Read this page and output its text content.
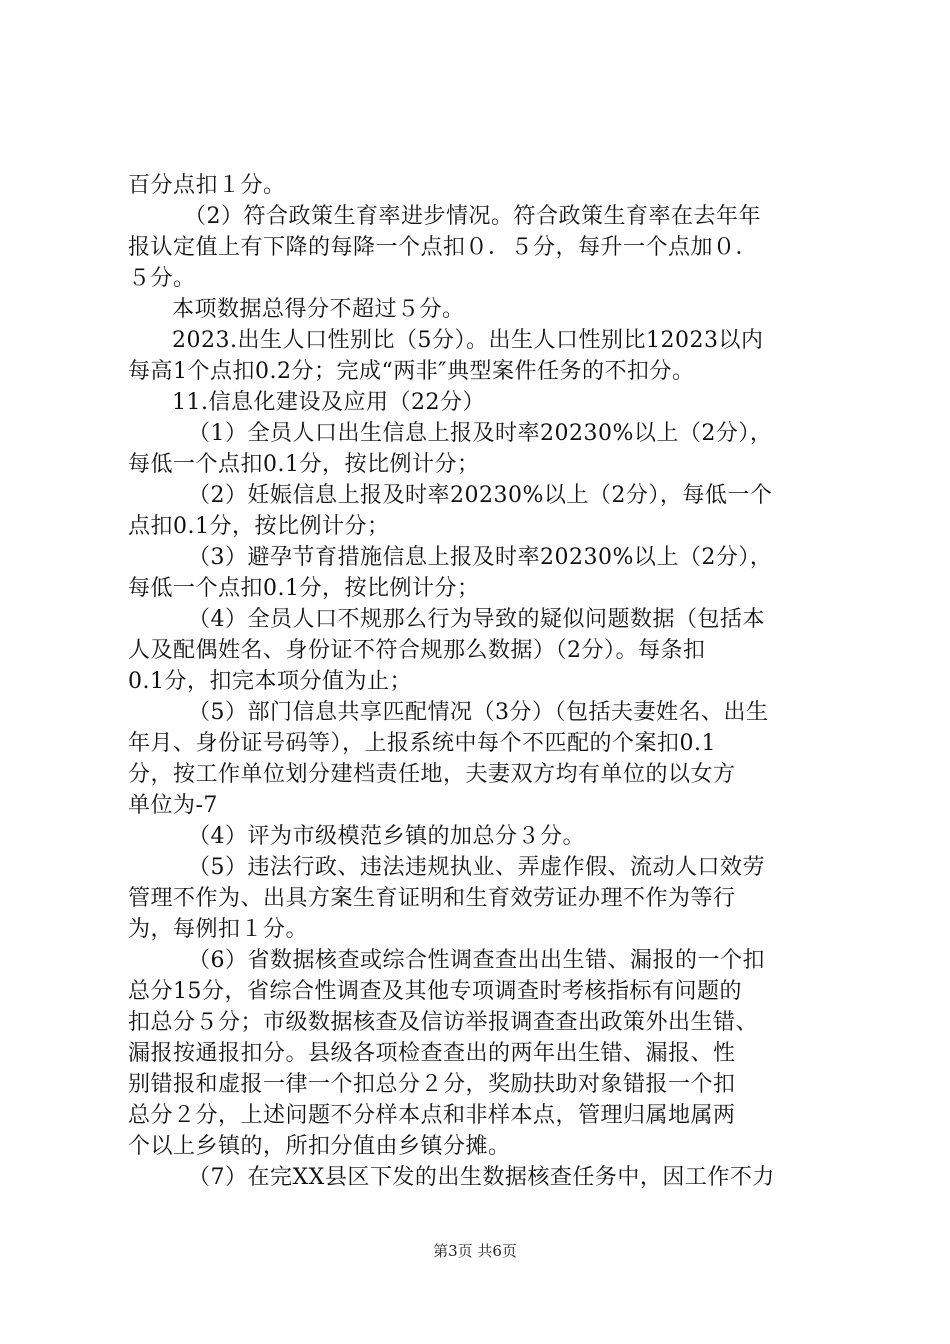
百分点扣１分。
（2）符合政策生育率进步情况。符合政策生育率在去年年
报认定值上有下降的每降一个点扣０．５分，每升一个点加０．
５分。
本项数据总得分不超过５分。
2023.出生人口性别比（5分）。出生人口性别比12023以内
每高1个点扣0.2分；完成“两非″典型案件任务的不扣分。
11.信息化建设及应用（22分）
（1）全员人口出生信息上报及时率20230%以上（2分），
每低一个点扣0.1分，按比例计分；
（2）妊娠信息上报及时率20230%以上（2分），每低一个
点扣0.1分，按比例计分；
（3）避孕节育措施信息上报及时率20230%以上（2分），
每低一个点扣0.1分，按比例计分；
（4）全员人口不规那么行为导致的疑似问题数据（包括本
人及配偶姓名、身份证不符合规那么数据）（2分）。每条扣
0.1分，扣完本项分值为止；
（5）部门信息共享匹配情况（3分）（包括夫妻姓名、出生
年月、身份证号码等），上报系统中每个不匹配的个案扣0.1
分，按工作单位划分建档责任地，夫妻双方均有单位的以女方
单位为-7
（4）评为市级模范乡镇的加总分３分。
（5）违法行政、违法违规执业、弄虚作假、流动人口效劳
管理不作为、出具方案生育证明和生育效劳证办理不作为等行
为，每例扣１分。
（6）省数据核查或综合性调查查出出生错、漏报的一个扣
总分15分，省综合性调查及其他专项调查时考核指标有问题的
扣总分５分；市级数据核查及信访举报调查查出政策外出生错、
漏报按通报扣分。县级各项检查查出的两年出生错、漏报、性
别错报和虚报一律一个扣总分２分，奖励扶助对象错报一个扣
总分２分，上述问题不分样本点和非样本点，管理归属地属两
个以上乡镇的，所扣分值由乡镇分摊。
（7）在完XX县区下发的出生数据核查任务中，因工作不力
第3页 共6页
